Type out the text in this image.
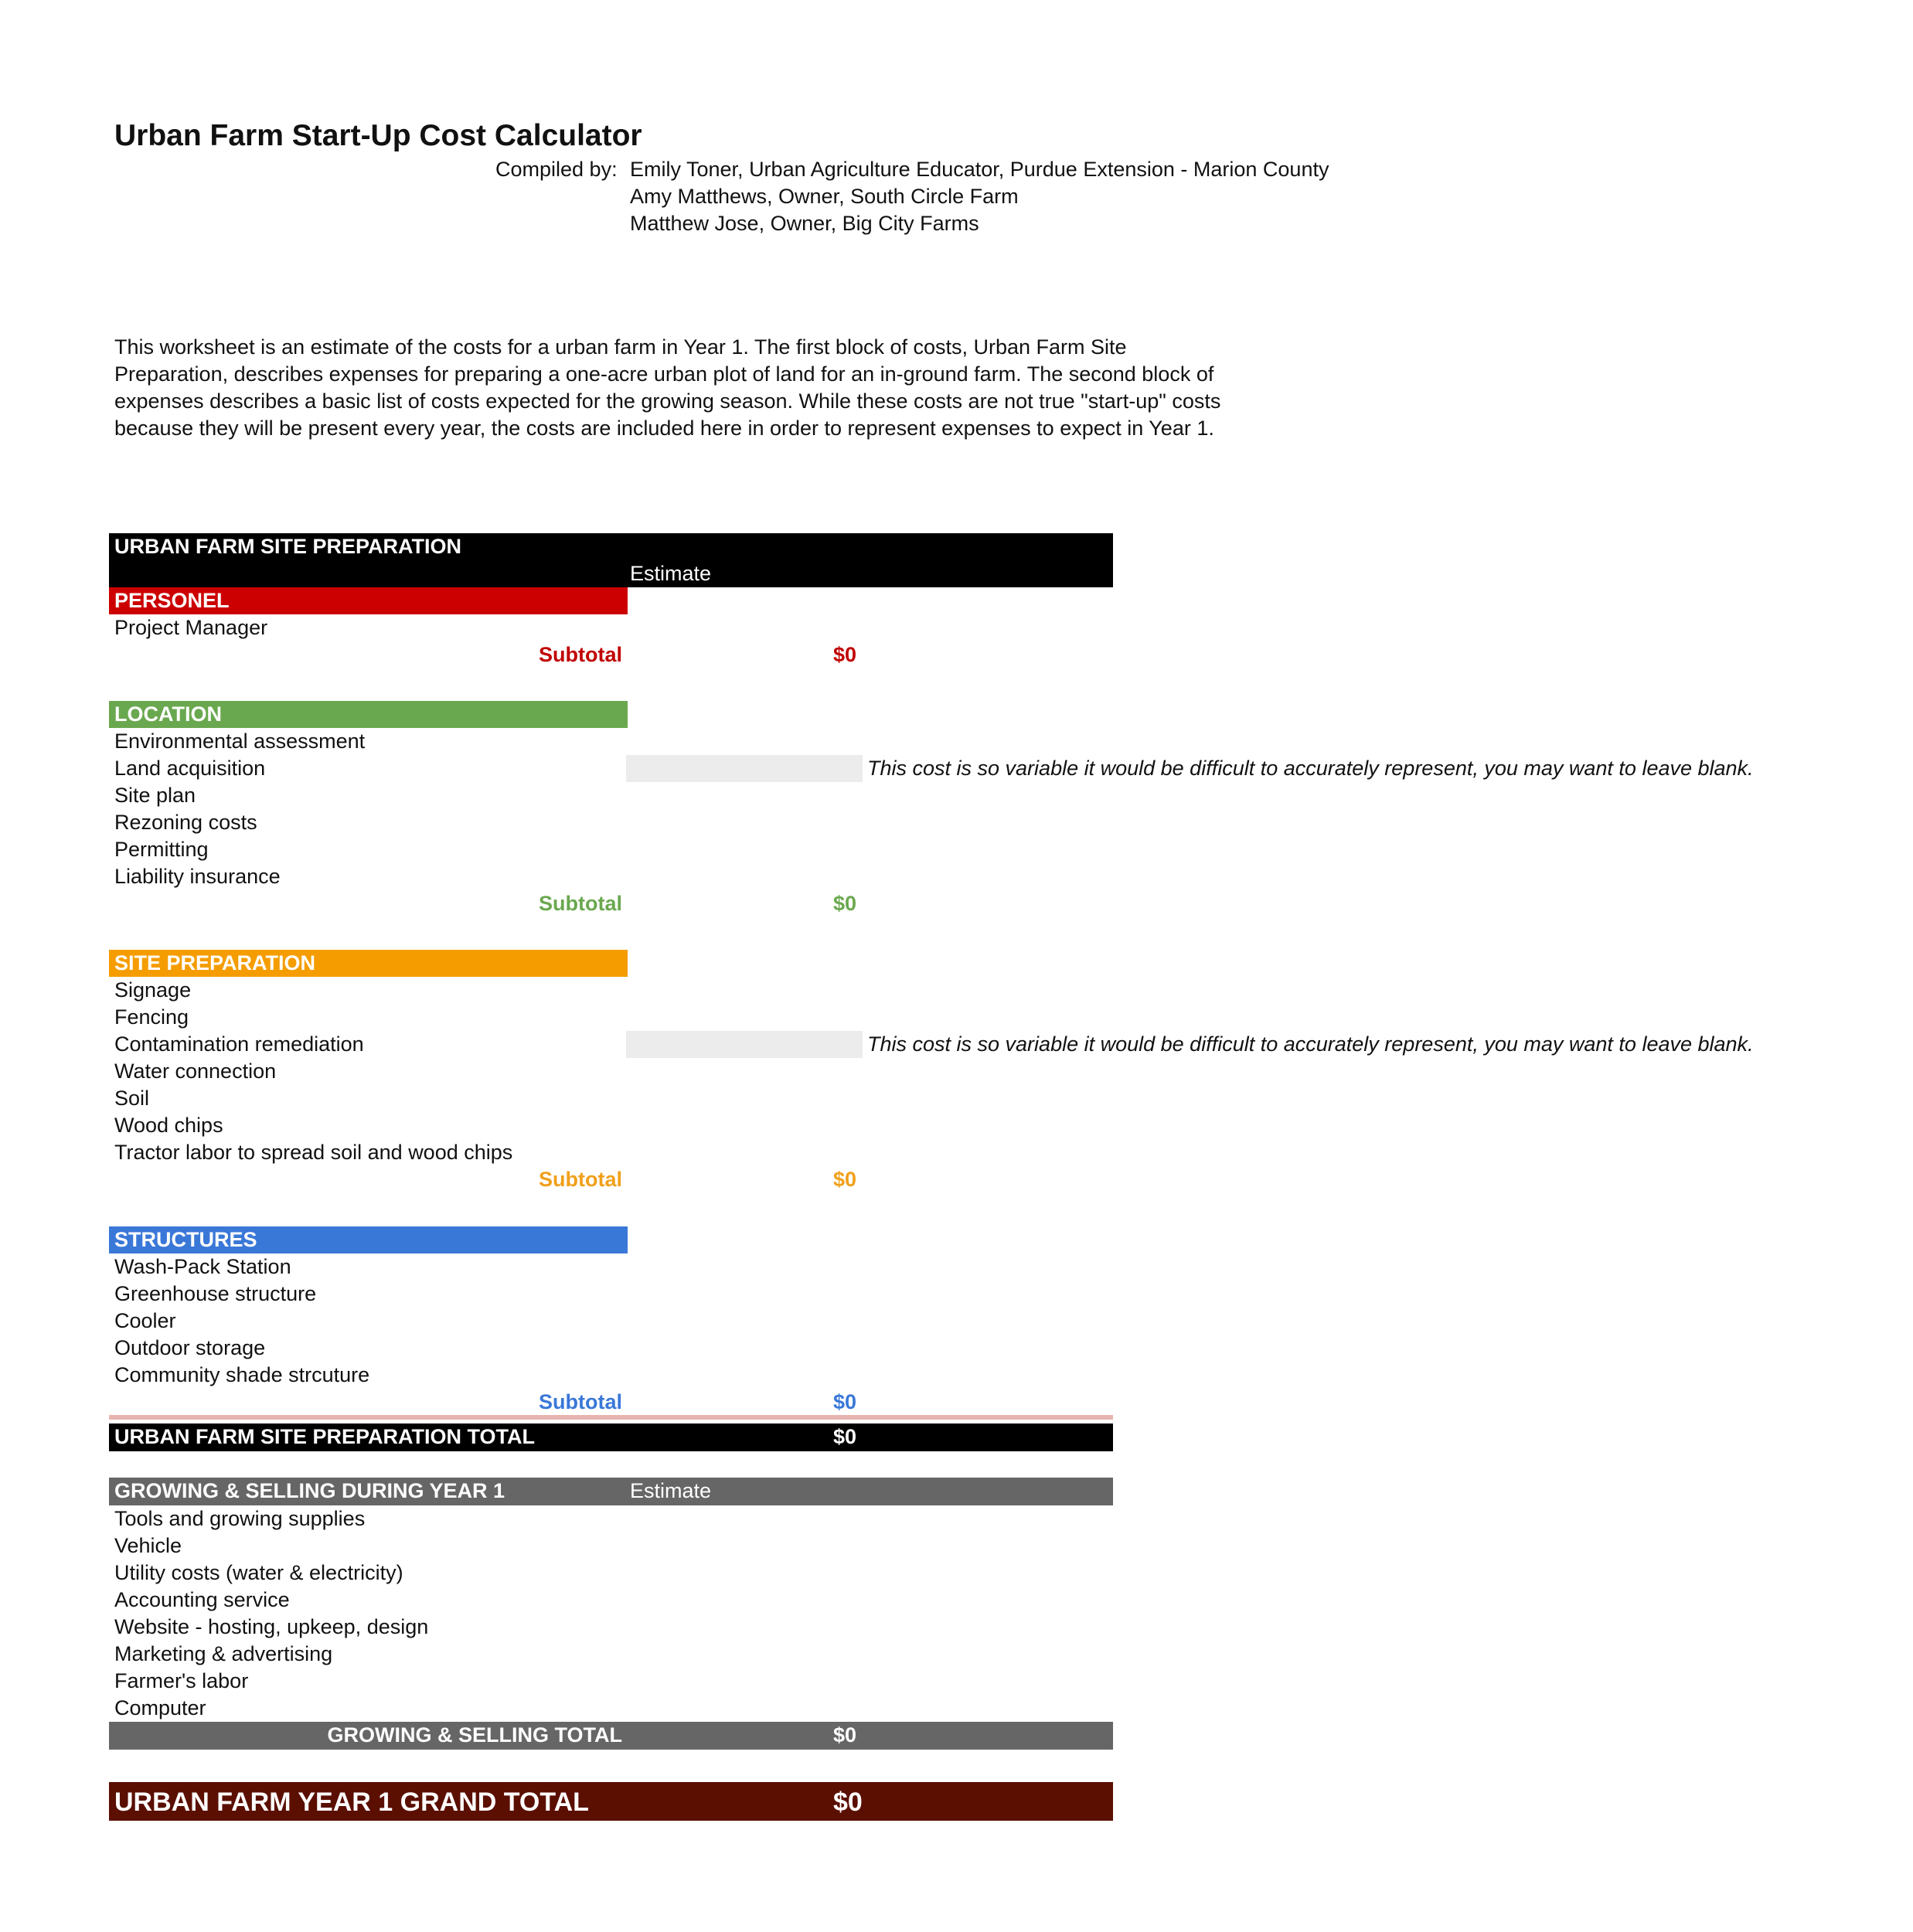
Urban Farm Start-Up Cost Calculator
Compiled by: Emily Toner, Urban Agriculture Educator, Purdue Extension - Marion County
Amy Matthews, Owner, South Circle Farm
Matthew Jose, Owner, Big City Farms
This worksheet is an estimate of the costs for a urban farm in Year 1. The first block of costs, Urban Farm Site
Preparation, describes expenses for preparing a one-acre urban plot of land for an in-ground farm. The second block of
expenses describes a basic list of costs expected for the growing season. While these costs are not true "start-up" costs
because they will be present every year, the costs are included here in order to represent expenses to expect in Year 1.
URBAN FARM SITE PREPARATION
Estimate
PERSONEL
Project Manager
Subtotal	$0
LOCATION
Environmental assessment
Land acquisition	This cost is so variable it would be difficult to accurately represent, you may want to leave blank.
Site plan
Rezoning costs
Permitting
Liability insurance
Subtotal	$0
SITE PREPARATION
Signage
Fencing
Contamination remediation	This cost is so variable it would be difficult to accurately represent, you may want to leave blank.
Water connection
Soil
Wood chips
Tractor labor to spread soil and wood chips
Subtotal	$0
STRUCTURES
Wash-Pack Station
Greenhouse structure
Cooler
Outdoor storage
Community shade strcuture
Subtotal	$0
URBAN FARM SITE PREPARATION TOTAL	$0
GROWING & SELLING DURING YEAR 1	Estimate
Tools and growing supplies
Vehicle
Utility costs (water & electricity)
Accounting service
Website - hosting, upkeep, design
Marketing & advertising
Farmer's labor
Computer
GROWING & SELLING TOTAL	$0
URBAN FARM YEAR 1 GRAND TOTAL	$0
